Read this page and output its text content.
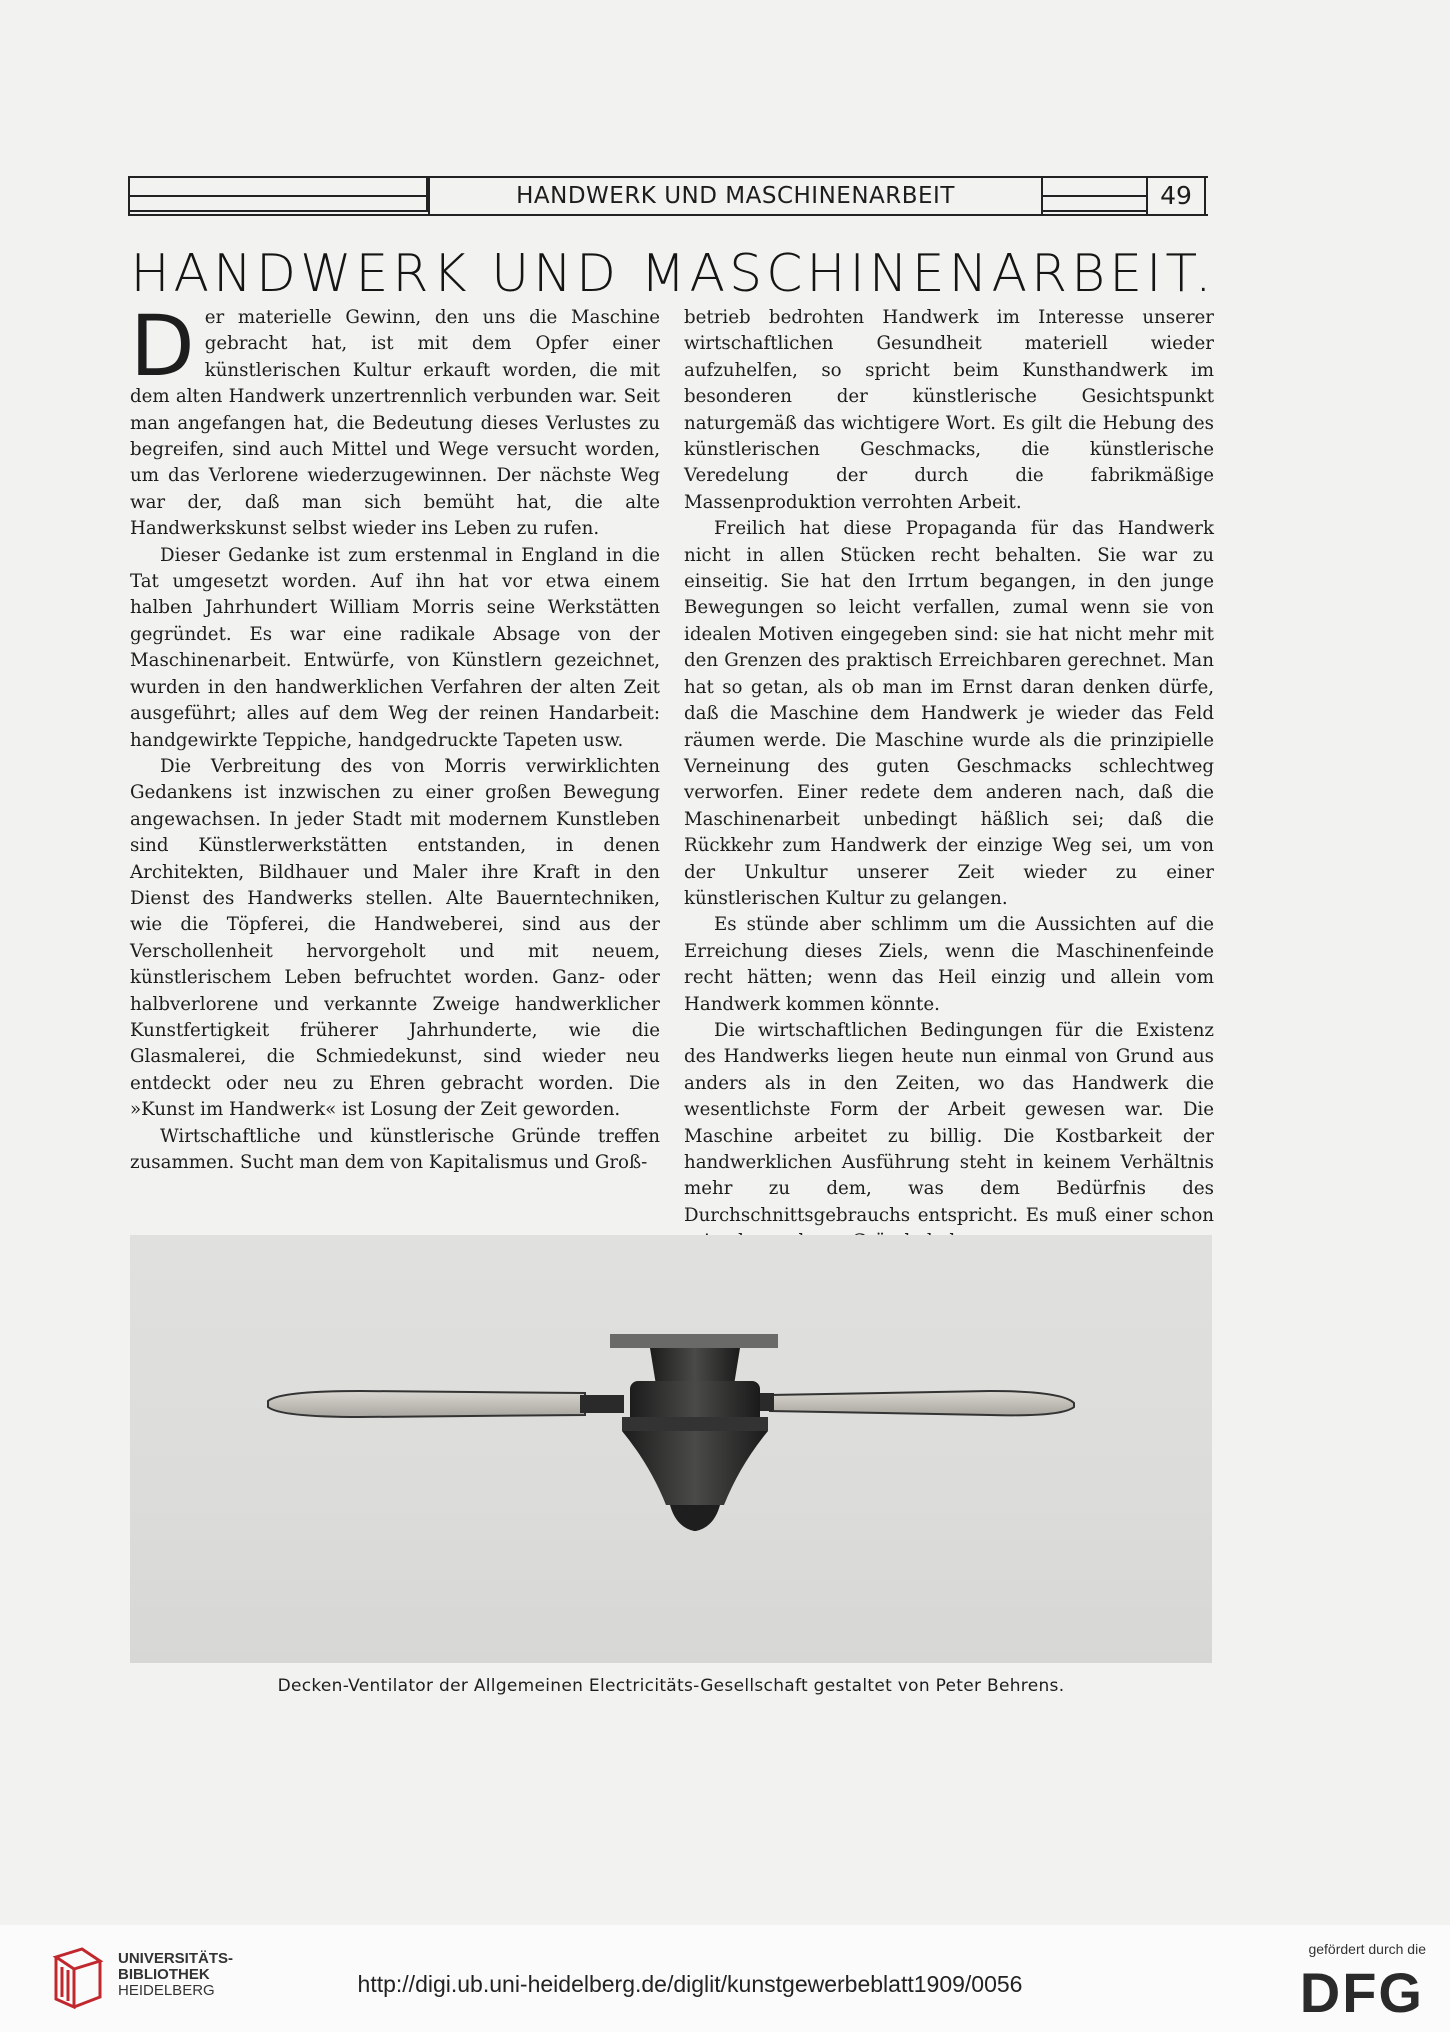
HANDWERK UND MASCHINENARBEIT	49
HANDWERK UND MASCHINENARBEIT.

Der materielle Gewinn, den uns die Maschine gebracht hat, ist mit dem Opfer einer künstlerischen Kultur erkauft worden, die mit dem alten Handwerk unzertrennlich verbunden war. Seit man angefangen hat, die Bedeutung dieses Verlustes zu begreifen, sind auch Mittel und Wege versucht worden, um das Verlorene wiederzugewinnen. Der nächste Weg war der, daß man sich bemüht hat, die alte Handwerkskunst selbst wieder ins Leben zu rufen.

Dieser Gedanke ist zum erstenmal in England in die Tat umgesetzt worden. Auf ihn hat vor etwa einem halben Jahrhundert William Morris seine Werkstätten gegründet. Es war eine radikale Absage von der Maschinenarbeit. Entwürfe, von Künstlern gezeichnet, wurden in den handwerklichen Verfahren der alten Zeit ausgeführt; alles auf dem Weg der reinen Handarbeit: handgewirkte Teppiche, handgedruckte Tapeten usw.

Die Verbreitung des von Morris verwirklichten Gedankens ist inzwischen zu einer großen Bewegung angewachsen. In jeder Stadt mit modernem Kunstleben sind Künstlerwerkstätten entstanden, in denen Architekten, Bildhauer und Maler ihre Kraft in den Dienst des Handwerks stellen. Alte Bauerntechniken, wie die Töpferei, die Handweberei, sind aus der Verschollenheit hervorgeholt und mit neuem, künstlerischem Leben befruchtet worden. Ganz- oder halbverlorene und verkannte Zweige handwerklicher Kunstfertigkeit früherer Jahrhunderte, wie die Glasmalerei, die Schmiedekunst, sind wieder neu entdeckt oder neu zu Ehren gebracht worden. Die »Kunst im Handwerk« ist Losung der Zeit geworden.

Wirtschaftliche und künstlerische Gründe treffen zusammen. Sucht man dem von Kapitalismus und Groß-

betrieb bedrohten Handwerk im Interesse unserer wirtschaftlichen Gesundheit materiell wieder aufzuhelfen, so spricht beim Kunsthandwerk im besonderen der künstlerische Gesichtspunkt naturgemäß das wichtigere Wort. Es gilt die Hebung des künstlerischen Geschmacks, die künstlerische Veredelung der durch die fabrikmäßige Massenproduktion verrohten Arbeit.

Freilich hat diese Propaganda für das Handwerk nicht in allen Stücken recht behalten. Sie war zu einseitig. Sie hat den Irrtum begangen, in den junge Bewegungen so leicht verfallen, zumal wenn sie von idealen Motiven eingegeben sind: sie hat nicht mehr mit den Grenzen des praktisch Erreichbaren gerechnet. Man hat so getan, als ob man im Ernst daran denken dürfe, daß die Maschine dem Handwerk je wieder das Feld räumen werde. Die Maschine wurde als die prinzipielle Verneinung des guten Geschmacks schlechtweg verworfen. Einer redete dem anderen nach, daß die Maschinenarbeit unbedingt häßlich sei; daß die Rückkehr zum Handwerk der einzige Weg sei, um von der Unkultur unserer Zeit wieder zu einer künstlerischen Kultur zu gelangen.

Es stünde aber schlimm um die Aussichten auf die Erreichung dieses Ziels, wenn die Maschinenfeinde recht hätten; wenn das Heil einzig und allein vom Handwerk kommen könnte.

Die wirtschaftlichen Bedingungen für die Existenz des Handwerks liegen heute nun einmal von Grund aus anders als in den Zeiten, wo das Handwerk die wesentlichste Form der Arbeit gewesen war. Die Maschine arbeitet zu billig. Die Kostbarkeit der handwerklichen Ausführung steht in keinem Verhältnis mehr zu dem, was dem Bedürfnis des Durchschnittsgebrauchs entspricht. Es muß einer schon

Decken-Ventilator der Allgemeinen Electricitäts-Gesellschaft gestaltet von Peter Behrens.
UNIVERSITÄTS-
BIBLIOTHEK
HEIDELBERG	http://digi.ub.uni-heidelberg.de/diglit/kunstgewerbeblatt1909/0056
gefördert durch die
DFG
